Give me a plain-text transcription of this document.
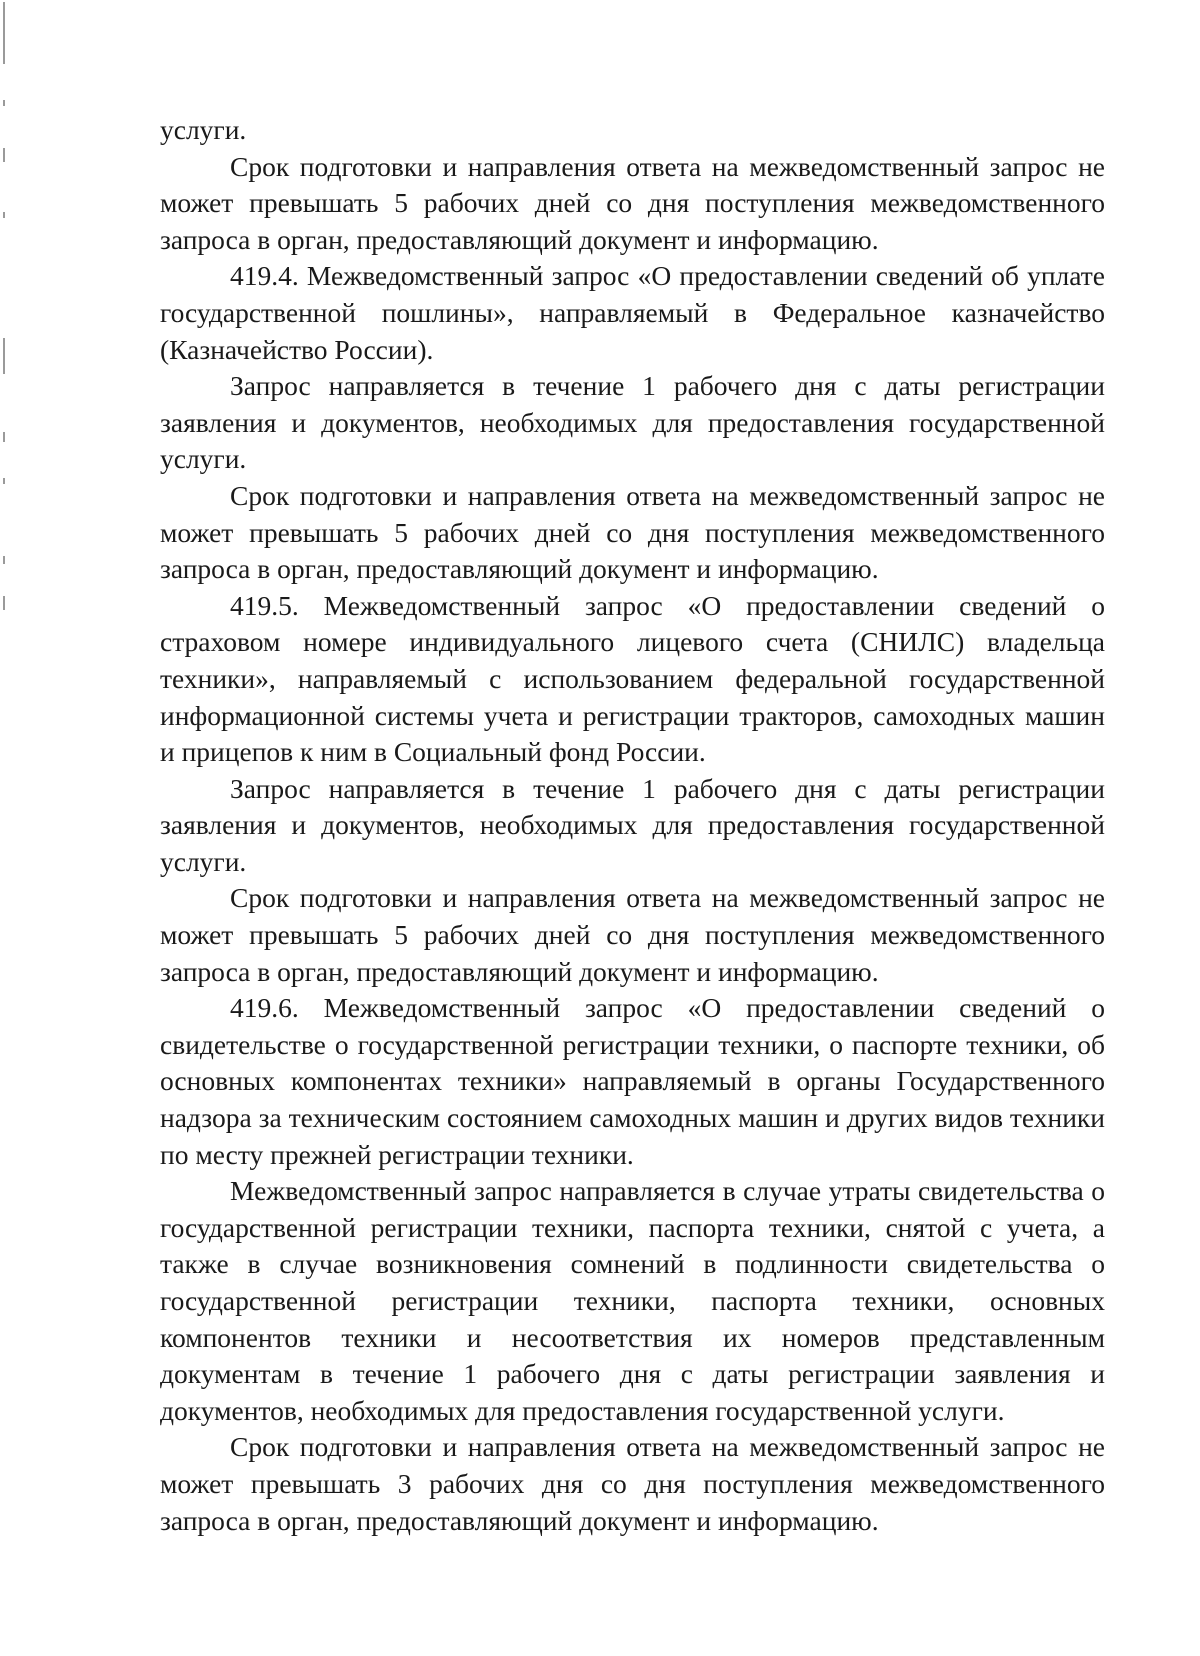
услуги.

Срок подготовки и направления ответа на межведомственный запрос не может превышать 5 рабочих дней со дня поступления межведомственного запроса в орган, предоставляющий документ и информацию.

419.4. Межведомственный запрос «О предоставлении сведений об уплате государственной пошлины», направляемый в Федеральное казначейство (Казначейство России).

Запрос направляется в течение 1 рабочего дня с даты регистрации заявления и документов, необходимых для предоставления государственной услуги.

Срок подготовки и направления ответа на межведомственный запрос не может превышать 5 рабочих дней со дня поступления межведомственного запроса в орган, предоставляющий документ и информацию.

419.5. Межведомственный запрос «О предоставлении сведений о страховом номере индивидуального лицевого счета (СНИЛС) владельца техники», направляемый с использованием федеральной государственной информационной системы учета и регистрации тракторов, самоходных машин и прицепов к ним в Социальный фонд России.

Запрос направляется в течение 1 рабочего дня с даты регистрации заявления и документов, необходимых для предоставления государственной услуги.

Срок подготовки и направления ответа на межведомственный запрос не может превышать 5 рабочих дней со дня поступления межведомственного запроса в орган, предоставляющий документ и информацию.

419.6. Межведомственный запрос «О предоставлении сведений о свидетельстве о государственной регистрации техники, о паспорте техники, об основных компонентах техники» направляемый в органы Государственного надзора за техническим состоянием самоходных машин и других видов техники по месту прежней регистрации техники.

Межведомственный запрос направляется в случае утраты свидетельства о государственной регистрации техники, паспорта техники, снятой с учета, а также в случае возникновения сомнений в подлинности свидетельства о государственной регистрации техники, паспорта техники, основных компонентов техники и несоответствия их номеров представленным документам в течение 1 рабочего дня с даты регистрации заявления и документов, необходимых для предоставления государственной услуги.

Срок подготовки и направления ответа на межведомственный запрос не может превышать 3 рабочих дня со дня поступления межведомственного запроса в орган, предоставляющий документ и информацию.
